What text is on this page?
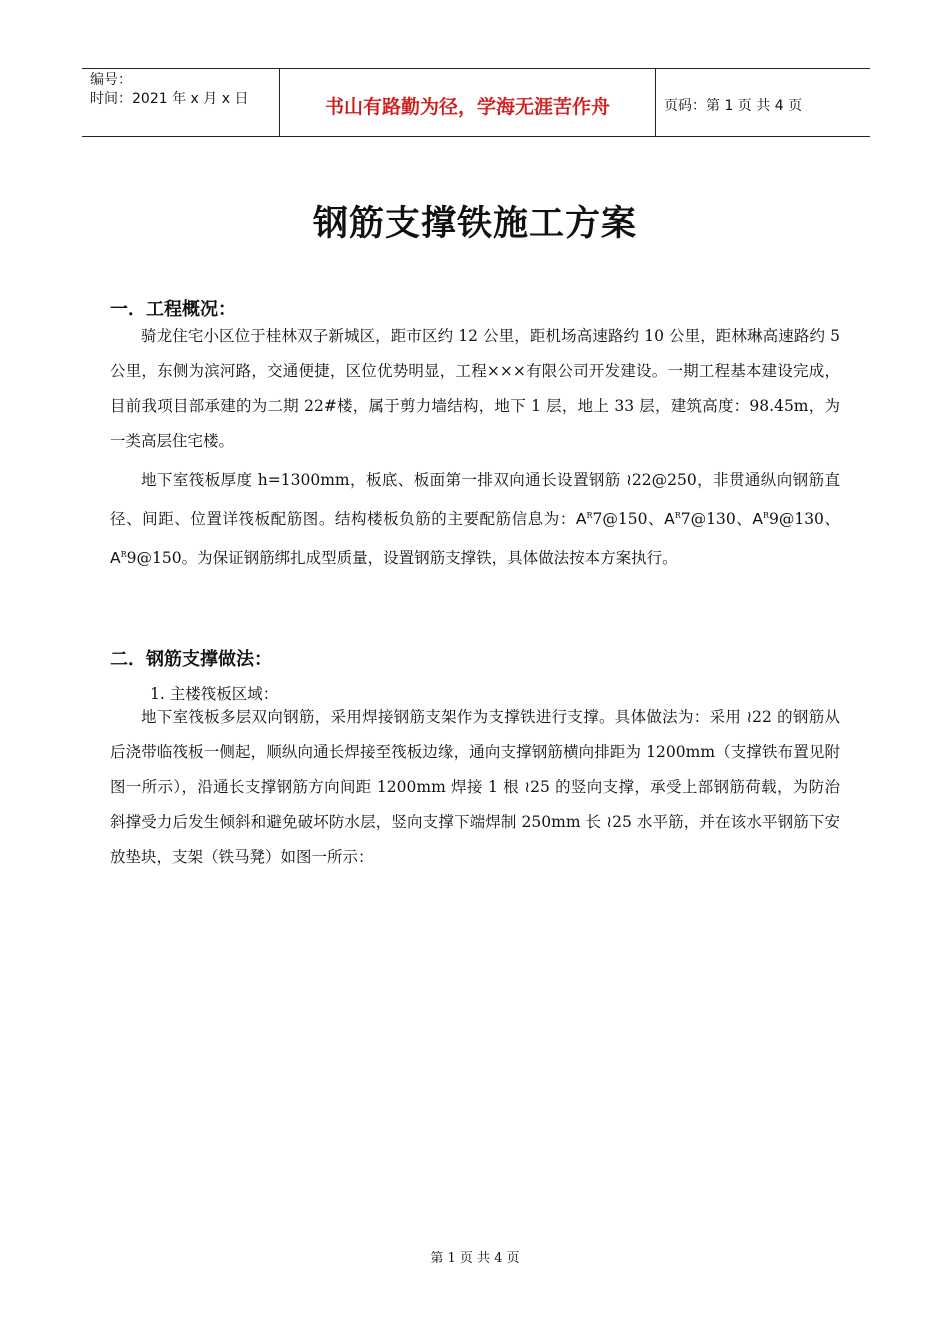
编号：
时间：2021 年 x 月 x 日	书山有路勤为径，学海无涯苦作舟	页码：第 1 页 共 4 页
钢筋支撑铁施工方案
一．工程概况：

骑龙住宅小区位于桂林双子新城区，距市区约 12 公里，距机场高速路约 10 公里，距林琳高速路约 5 公里，东侧为滨河路，交通便捷，区位优势明显，工程×××有限公司开发建设。一期工程基本建设完成，目前我项目部承建的为二期 22#楼，属于剪力墙结构，地下 1 层，地上 33 层，建筑高度：98.45m，为一类高层住宅楼。

地下室筏板厚度 h=1300mm，板底、板面第一排双向通长设置钢筋 ≀22@250，非贯通纵向钢筋直径、间距、位置详筏板配筋图。结构楼板负筋的主要配筋信息为：$A^R7@150$、$A^R7@130$、$A^R9@130$、$A^R9@150$。为保证钢筋绑扎成型质量，设置钢筋支撑铁，具体做法按本方案执行。

二．钢筋支撑做法：
1. 主楼筏板区域：

地下室筏板多层双向钢筋，采用焊接钢筋支架作为支撑铁进行支撑。具体做法为：采用 ≀22 的钢筋从后浇带临筏板一侧起，顺纵向通长焊接至筏板边缘，通向支撑钢筋横向排距为 1200mm（支撑铁布置见附图一所示），沿通长支撑钢筋方向间距 1200mm 焊接 1 根 ≀25 的竖向支撑，承受上部钢筋荷载，为防治斜撑受力后发生倾斜和避免破坏防水层，竖向支撑下端焊制 250mm 长 ≀25 水平筋，并在该水平钢筋下安放垫块，支架（铁马凳）如图一所示：

第 1 页 共 4 页
